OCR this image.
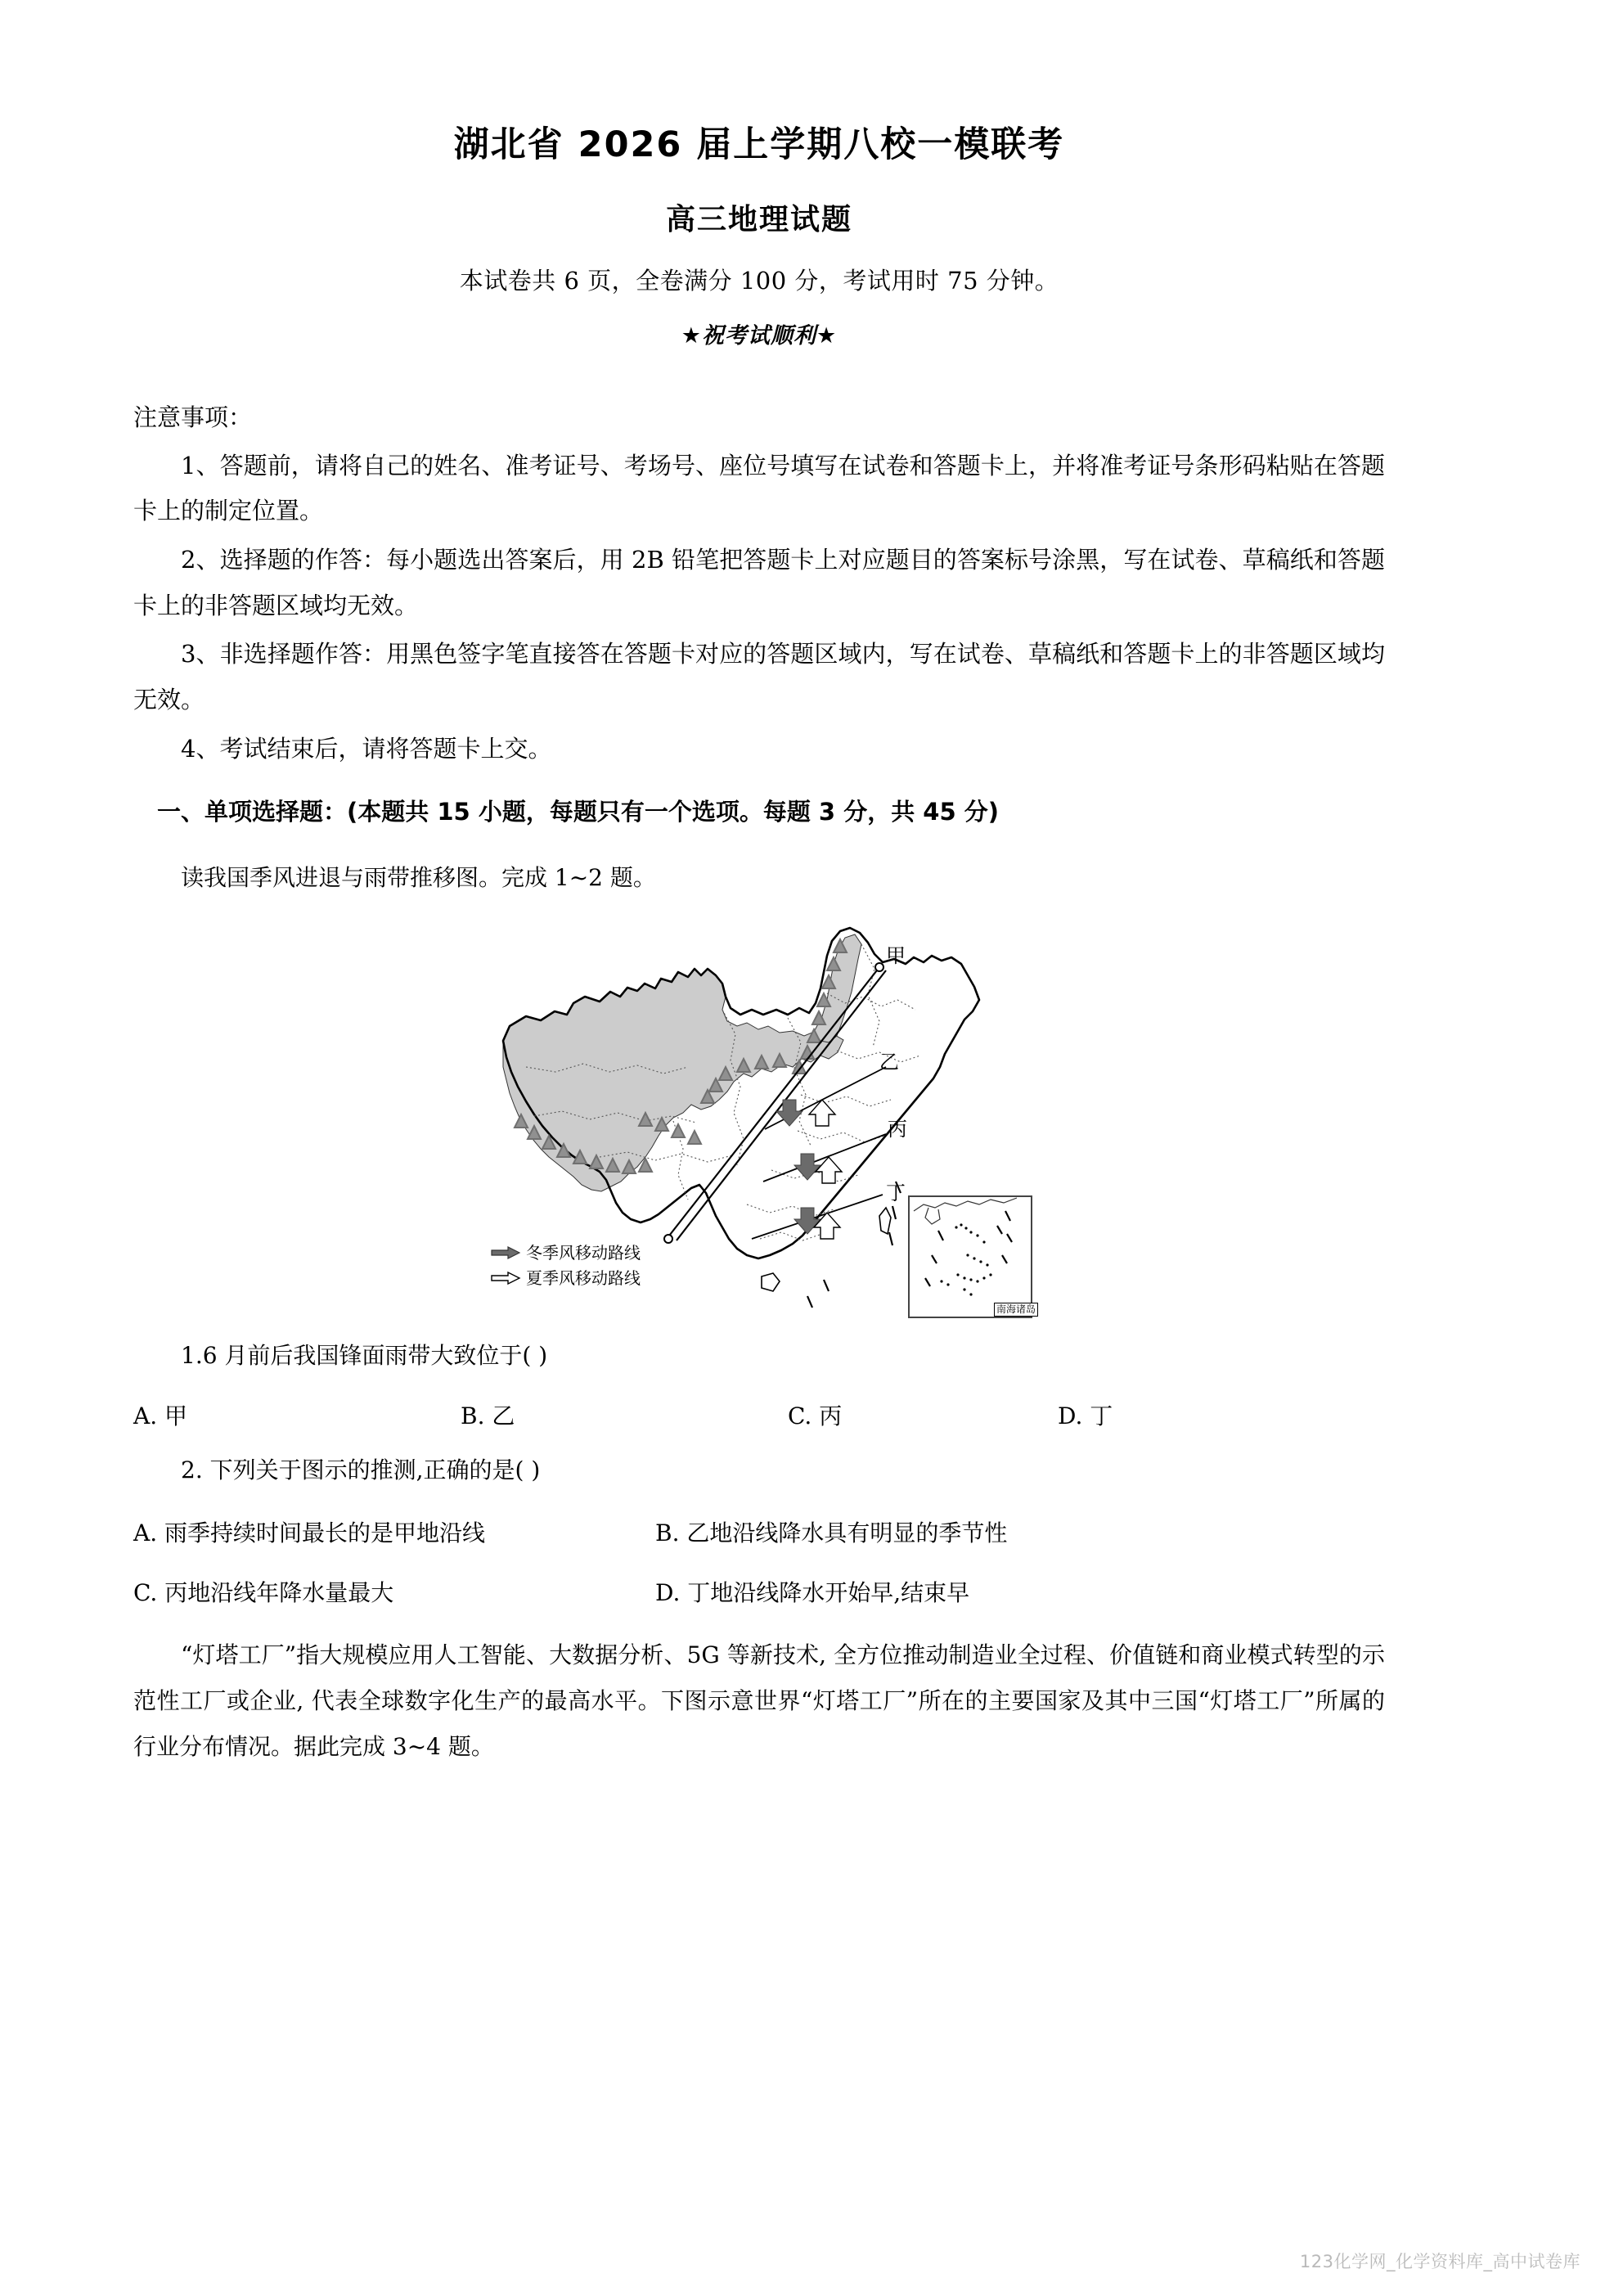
湖北省 2026 届上学期八校一模联考
高三地理试题
本试卷共 6 页，全卷满分 100 分，考试用时 75 分钟。
★祝考试顺利★
注意事项：
1、答题前，请将自己的姓名、准考证号、考场号、座位号填写在试卷和答题卡上，并将准考证号条形码粘贴在答题卡上的制定位置。
2、选择题的作答：每小题选出答案后，用 2B 铅笔把答题卡上对应题目的答案标号涂黑，写在试卷、草稿纸和答题卡上的非答题区域均无效。
3、非选择题作答：用黑色签字笔直接答在答题卡对应的答题区域内，写在试卷、草稿纸和答题卡上的非答题区域均无效。
4、考试结束后，请将答题卡上交。
一、单项选择题：(本题共 15 小题，每题只有一个选项。每题 3 分，共 45 分)
读我国季风进退与雨带推移图。完成 1~2 题。
甲
乙
丙
丁
冬季风移动路线
夏季风移动路线
南海诸岛
1.6 月前后我国锋面雨带大致位于( )
A. 甲	B. 乙	C. 丙	D. 丁
2. 下列关于图示的推测,正确的是( )
A. 雨季持续时间最长的是甲地沿线	B. 乙地沿线降水具有明显的季节性
C. 丙地沿线年降水量最大	D. 丁地沿线降水开始早,结束早
“灯塔工厂”指大规模应用人工智能、大数据分析、5G 等新技术, 全方位推动制造业全过程、价值链和商业模式转型的示范性工厂或企业, 代表全球数字化生产的最高水平。下图示意世界“灯塔工厂”所在的主要国家及其中三国“灯塔工厂”所属的行业分布情况。据此完成 3~4 题。
123化学网_化学资料库_高中试卷库
